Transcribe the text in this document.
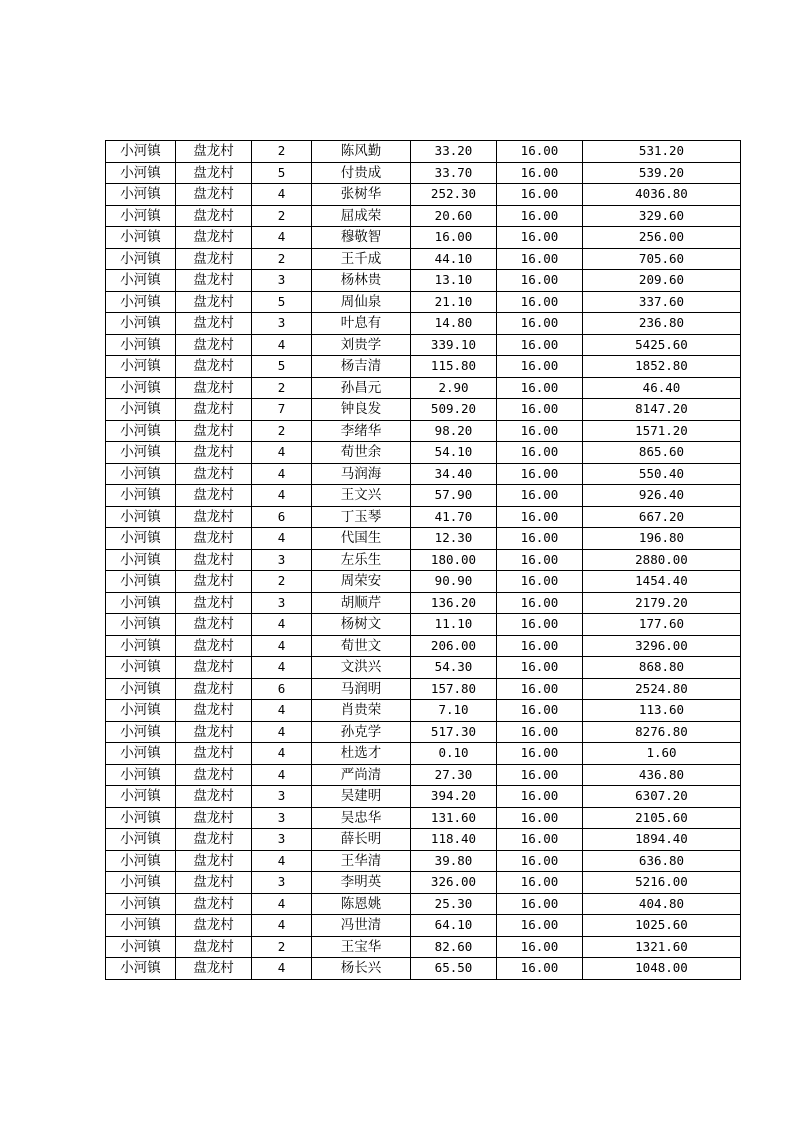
小河镇	盘龙村	2	陈风勤	33.20	16.00	531.20
小河镇	盘龙村	5	付贵成	33.70	16.00	539.20
小河镇	盘龙村	4	张树华	252.30	16.00	4036.80
小河镇	盘龙村	2	屈成荣	20.60	16.00	329.60
小河镇	盘龙村	4	穆敬智	16.00	16.00	256.00
小河镇	盘龙村	2	王千成	44.10	16.00	705.60
小河镇	盘龙村	3	杨林贵	13.10	16.00	209.60
小河镇	盘龙村	5	周仙泉	21.10	16.00	337.60
小河镇	盘龙村	3	叶息有	14.80	16.00	236.80
小河镇	盘龙村	4	刘贵学	339.10	16.00	5425.60
小河镇	盘龙村	5	杨吉清	115.80	16.00	1852.80
小河镇	盘龙村	2	孙昌元	2.90	16.00	46.40
小河镇	盘龙村	7	钟良发	509.20	16.00	8147.20
小河镇	盘龙村	2	李绪华	98.20	16.00	1571.20
小河镇	盘龙村	4	荀世余	54.10	16.00	865.60
小河镇	盘龙村	4	马润海	34.40	16.00	550.40
小河镇	盘龙村	4	王文兴	57.90	16.00	926.40
小河镇	盘龙村	6	丁玉琴	41.70	16.00	667.20
小河镇	盘龙村	4	代国生	12.30	16.00	196.80
小河镇	盘龙村	3	左乐生	180.00	16.00	2880.00
小河镇	盘龙村	2	周荣安	90.90	16.00	1454.40
小河镇	盘龙村	3	胡顺芹	136.20	16.00	2179.20
小河镇	盘龙村	4	杨树文	11.10	16.00	177.60
小河镇	盘龙村	4	荀世文	206.00	16.00	3296.00
小河镇	盘龙村	4	文洪兴	54.30	16.00	868.80
小河镇	盘龙村	6	马润明	157.80	16.00	2524.80
小河镇	盘龙村	4	肖贵荣	7.10	16.00	113.60
小河镇	盘龙村	4	孙克学	517.30	16.00	8276.80
小河镇	盘龙村	4	杜选才	0.10	16.00	1.60
小河镇	盘龙村	4	严尚清	27.30	16.00	436.80
小河镇	盘龙村	3	吴建明	394.20	16.00	6307.20
小河镇	盘龙村	3	吴忠华	131.60	16.00	2105.60
小河镇	盘龙村	3	薛长明	118.40	16.00	1894.40
小河镇	盘龙村	4	王华清	39.80	16.00	636.80
小河镇	盘龙村	3	李明英	326.00	16.00	5216.00
小河镇	盘龙村	4	陈恩姚	25.30	16.00	404.80
小河镇	盘龙村	4	冯世清	64.10	16.00	1025.60
小河镇	盘龙村	2	王宝华	82.60	16.00	1321.60
小河镇	盘龙村	4	杨长兴	65.50	16.00	1048.00
